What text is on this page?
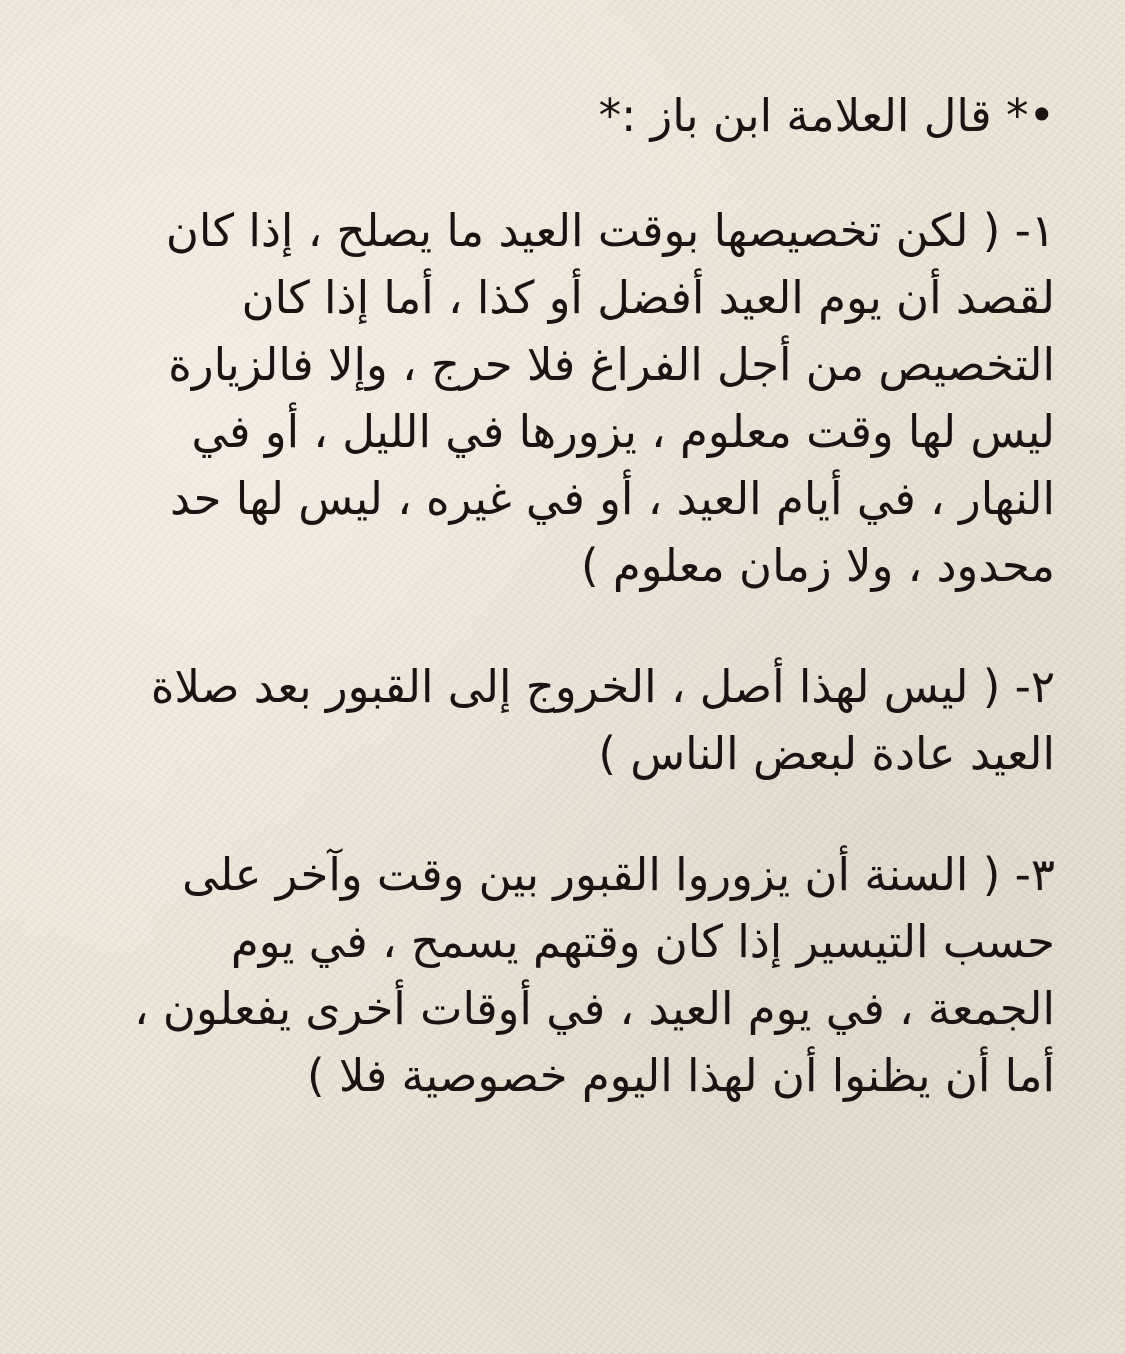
•* قال العلامة ابن باز :*
١- ( لكن تخصيصها بوقت العيد ما يصلح ، إذا كان
لقصد أن يوم العيد أفضل أو كذا ، أما إذا كان
التخصيص من أجل الفراغ فلا حرج ، وإلا فالزيارة
ليس لها وقت معلوم ، يزورها في الليل ، أو في
النهار ، في أيام العيد ، أو في غيره ، ليس لها حد
محدود ، ولا زمان معلوم )
٢- ( ليس لهذا أصل ، الخروج إلى القبور بعد صلاة
العيد عادة لبعض الناس )
٣- ( السنة أن يزوروا القبور بين وقت وآخر على
حسب التيسير إذا كان وقتهم يسمح ، في يوم
الجمعة ، في يوم العيد ، في أوقات أخرى يفعلون ،
أما أن يظنوا أن لهذا اليوم خصوصية فلا )
